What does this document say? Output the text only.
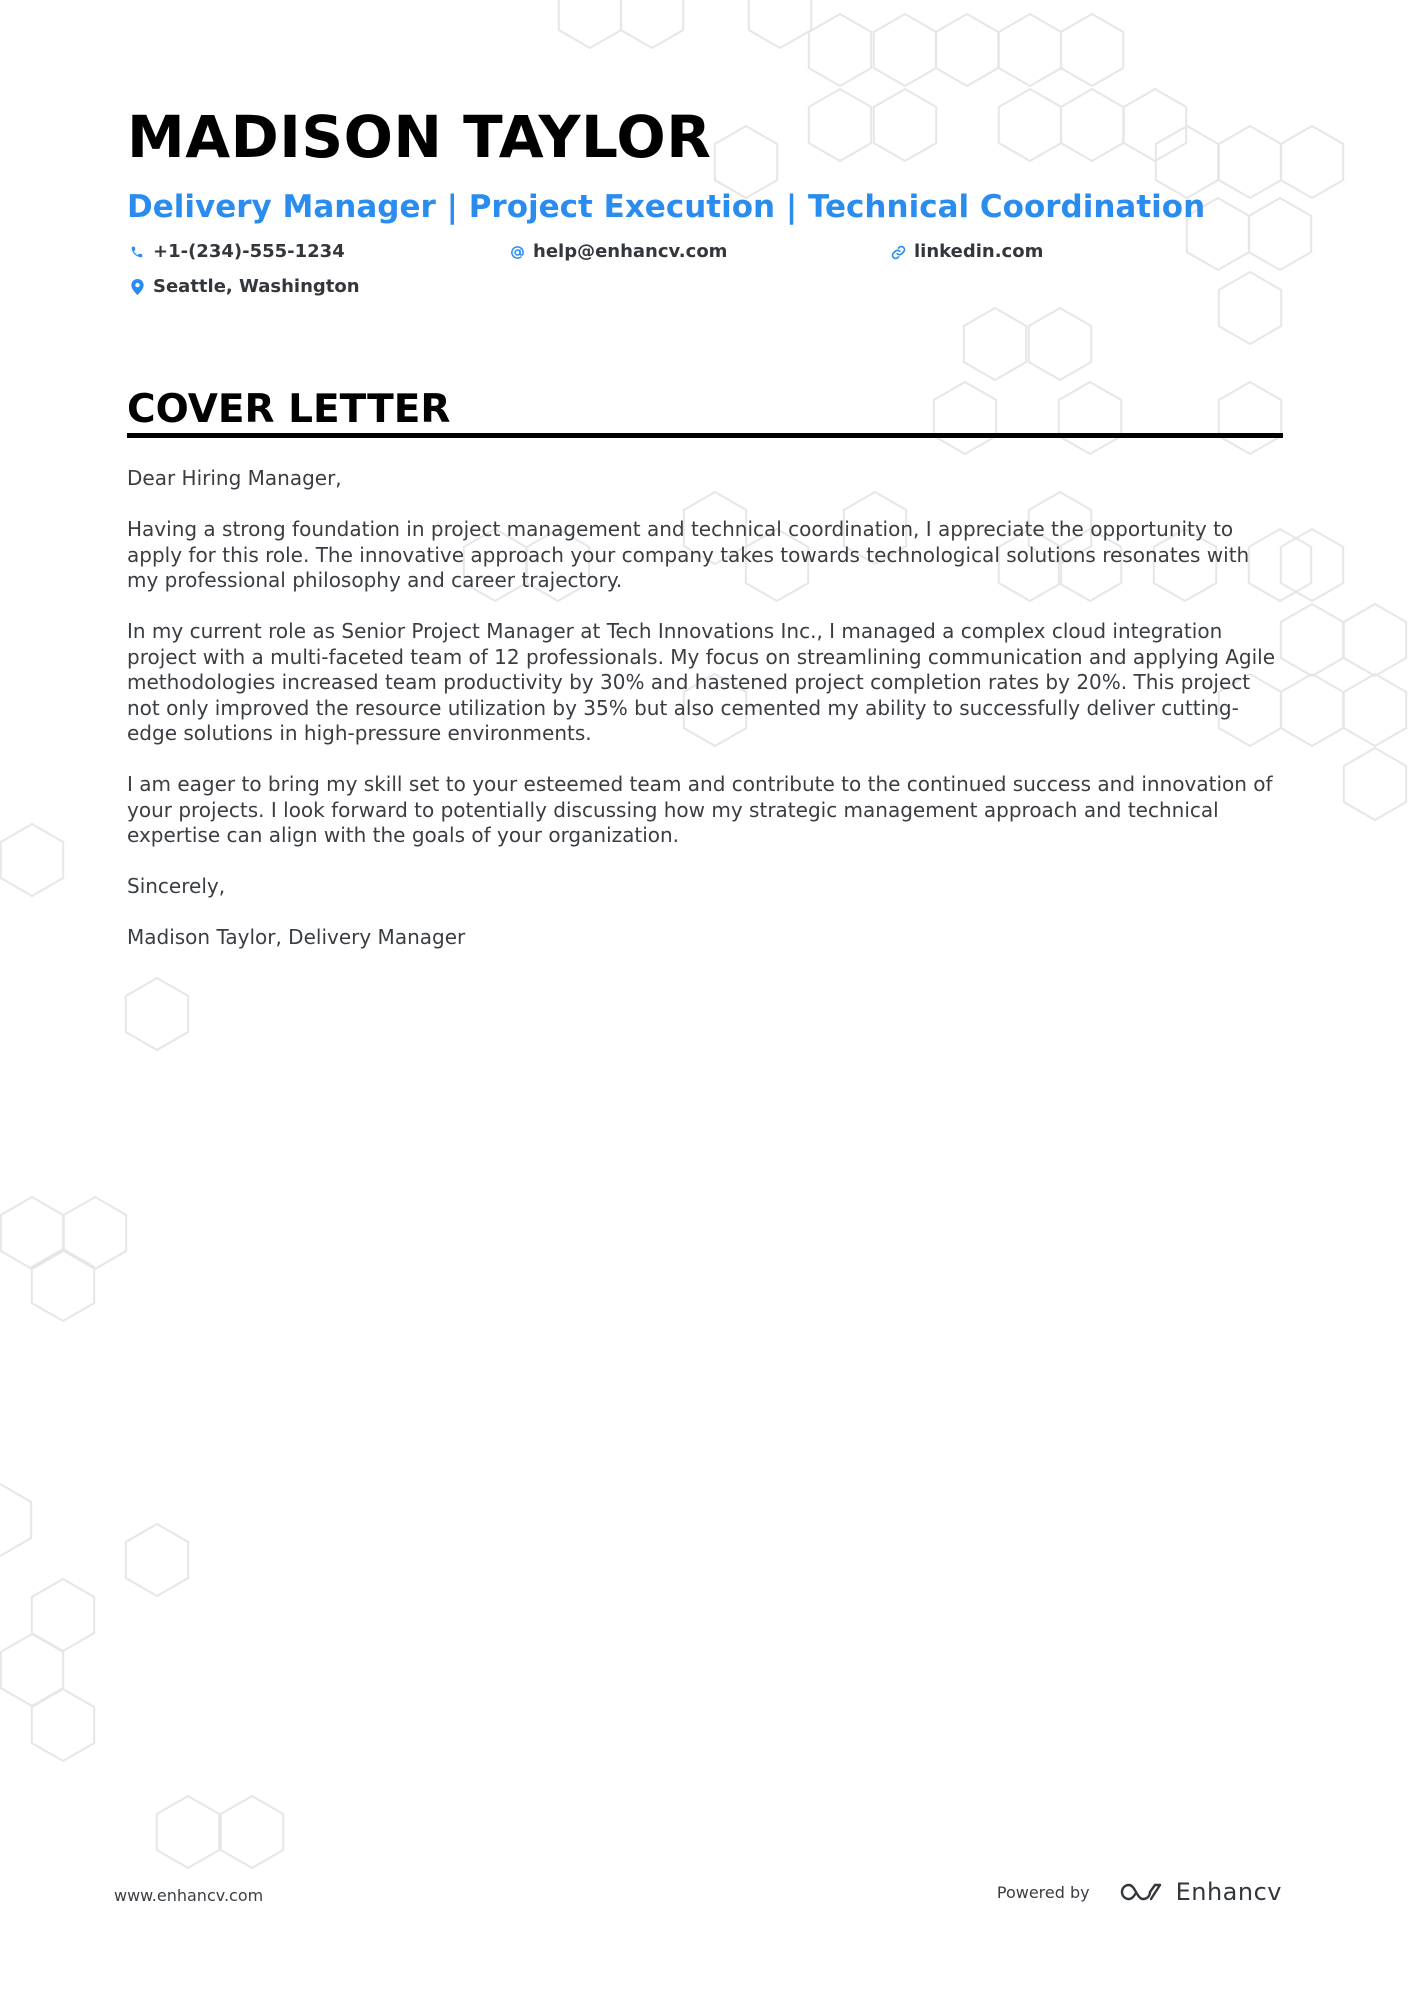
MADISON TAYLOR
Delivery Manager | Project Execution | Technical Coordination
+1-(234)-555-1234	help@enhancv.com	linkedin.com
Seattle, Washington
COVER LETTER

Dear Hiring Manager,

Having a strong foundation in project management and technical coordination, I appreciate the opportunity to apply for this role. The innovative approach your company takes towards technological solutions resonates with my professional philosophy and career trajectory.

In my current role as Senior Project Manager at Tech Innovations Inc., I managed a complex cloud integration project with a multi-faceted team of 12 professionals. My focus on streamlining communication and applying Agile methodologies increased team productivity by 30% and hastened project completion rates by 20%. This project not only improved the resource utilization by 35% but also cemented my ability to successfully deliver cutting-edge solutions in high-pressure environments.

I am eager to bring my skill set to your esteemed team and contribute to the continued success and innovation of your projects. I look forward to potentially discussing how my strategic management approach and technical expertise can align with the goals of your organization.

Sincerely,

Madison Taylor, Delivery Manager

www.enhancv.com	Powered by	Enhancv
